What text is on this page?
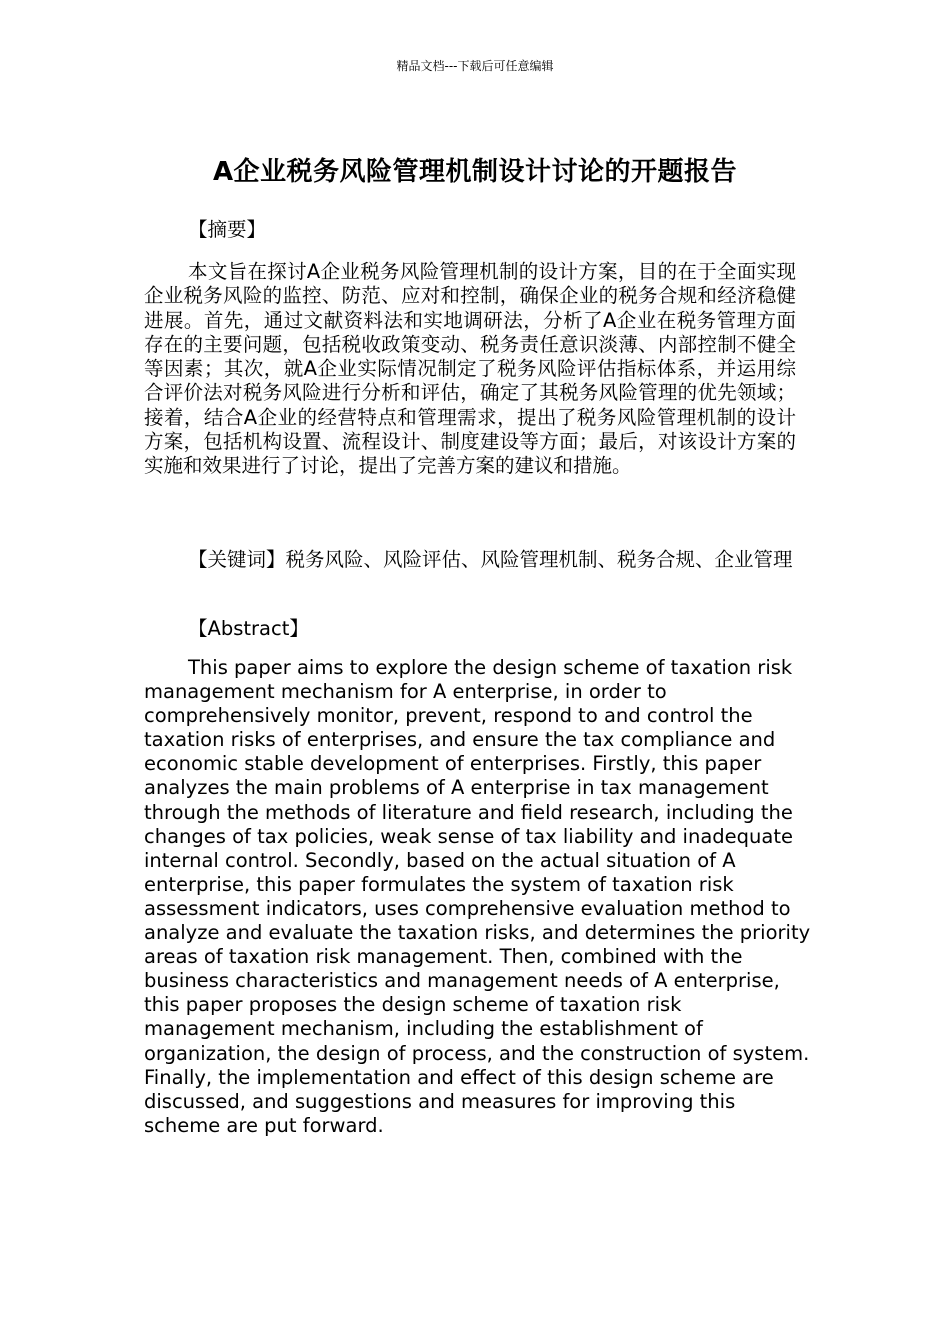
精品文档---下载后可任意编辑
A企业税务风险管理机制设计讨论的开题报告

【摘要】

本文旨在探讨A企业税务风险管理机制的设计方案，目的在于全面实现企业税务风险的监控、防范、应对和控制，确保企业的税务合规和经济稳健进展。首先，通过文献资料法和实地调研法，分析了A企业在税务管理方面存在的主要问题，包括税收政策变动、税务责任意识淡薄、内部控制不健全等因素；其次，就A企业实际情况制定了税务风险评估指标体系，并运用综合评价法对税务风险进行分析和评估，确定了其税务风险管理的优先领域；接着，结合A企业的经营特点和管理需求，提出了税务风险管理机制的设计方案，包括机构设置、流程设计、制度建设等方面；最后，对该设计方案的实施和效果进行了讨论，提出了完善方案的建议和措施。

【关键词】税务风险、风险评估、风险管理机制、税务合规、企业管理

【Abstract】

This paper aims to explore the design scheme of taxation risk management mechanism for A enterprise, in order to comprehensively monitor, prevent, respond to and control the taxation risks of enterprises, and ensure the tax compliance and economic stable development of enterprises. Firstly, this paper analyzes the main problems of A enterprise in tax management through the methods of literature and field research, including the changes of tax policies, weak sense of tax liability and inadequate internal control. Secondly, based on the actual situation of A enterprise, this paper formulates the system of taxation risk assessment indicators, uses comprehensive evaluation method to analyze and evaluate the taxation risks, and determines the priority areas of taxation risk management. Then, combined with the business characteristics and management needs of A enterprise, this paper proposes the design scheme of taxation risk management mechanism, including the establishment of organization, the design of process, and the construction of system. Finally, the implementation and effect of this design scheme are discussed, and suggestions and measures for improving this scheme are put forward.
